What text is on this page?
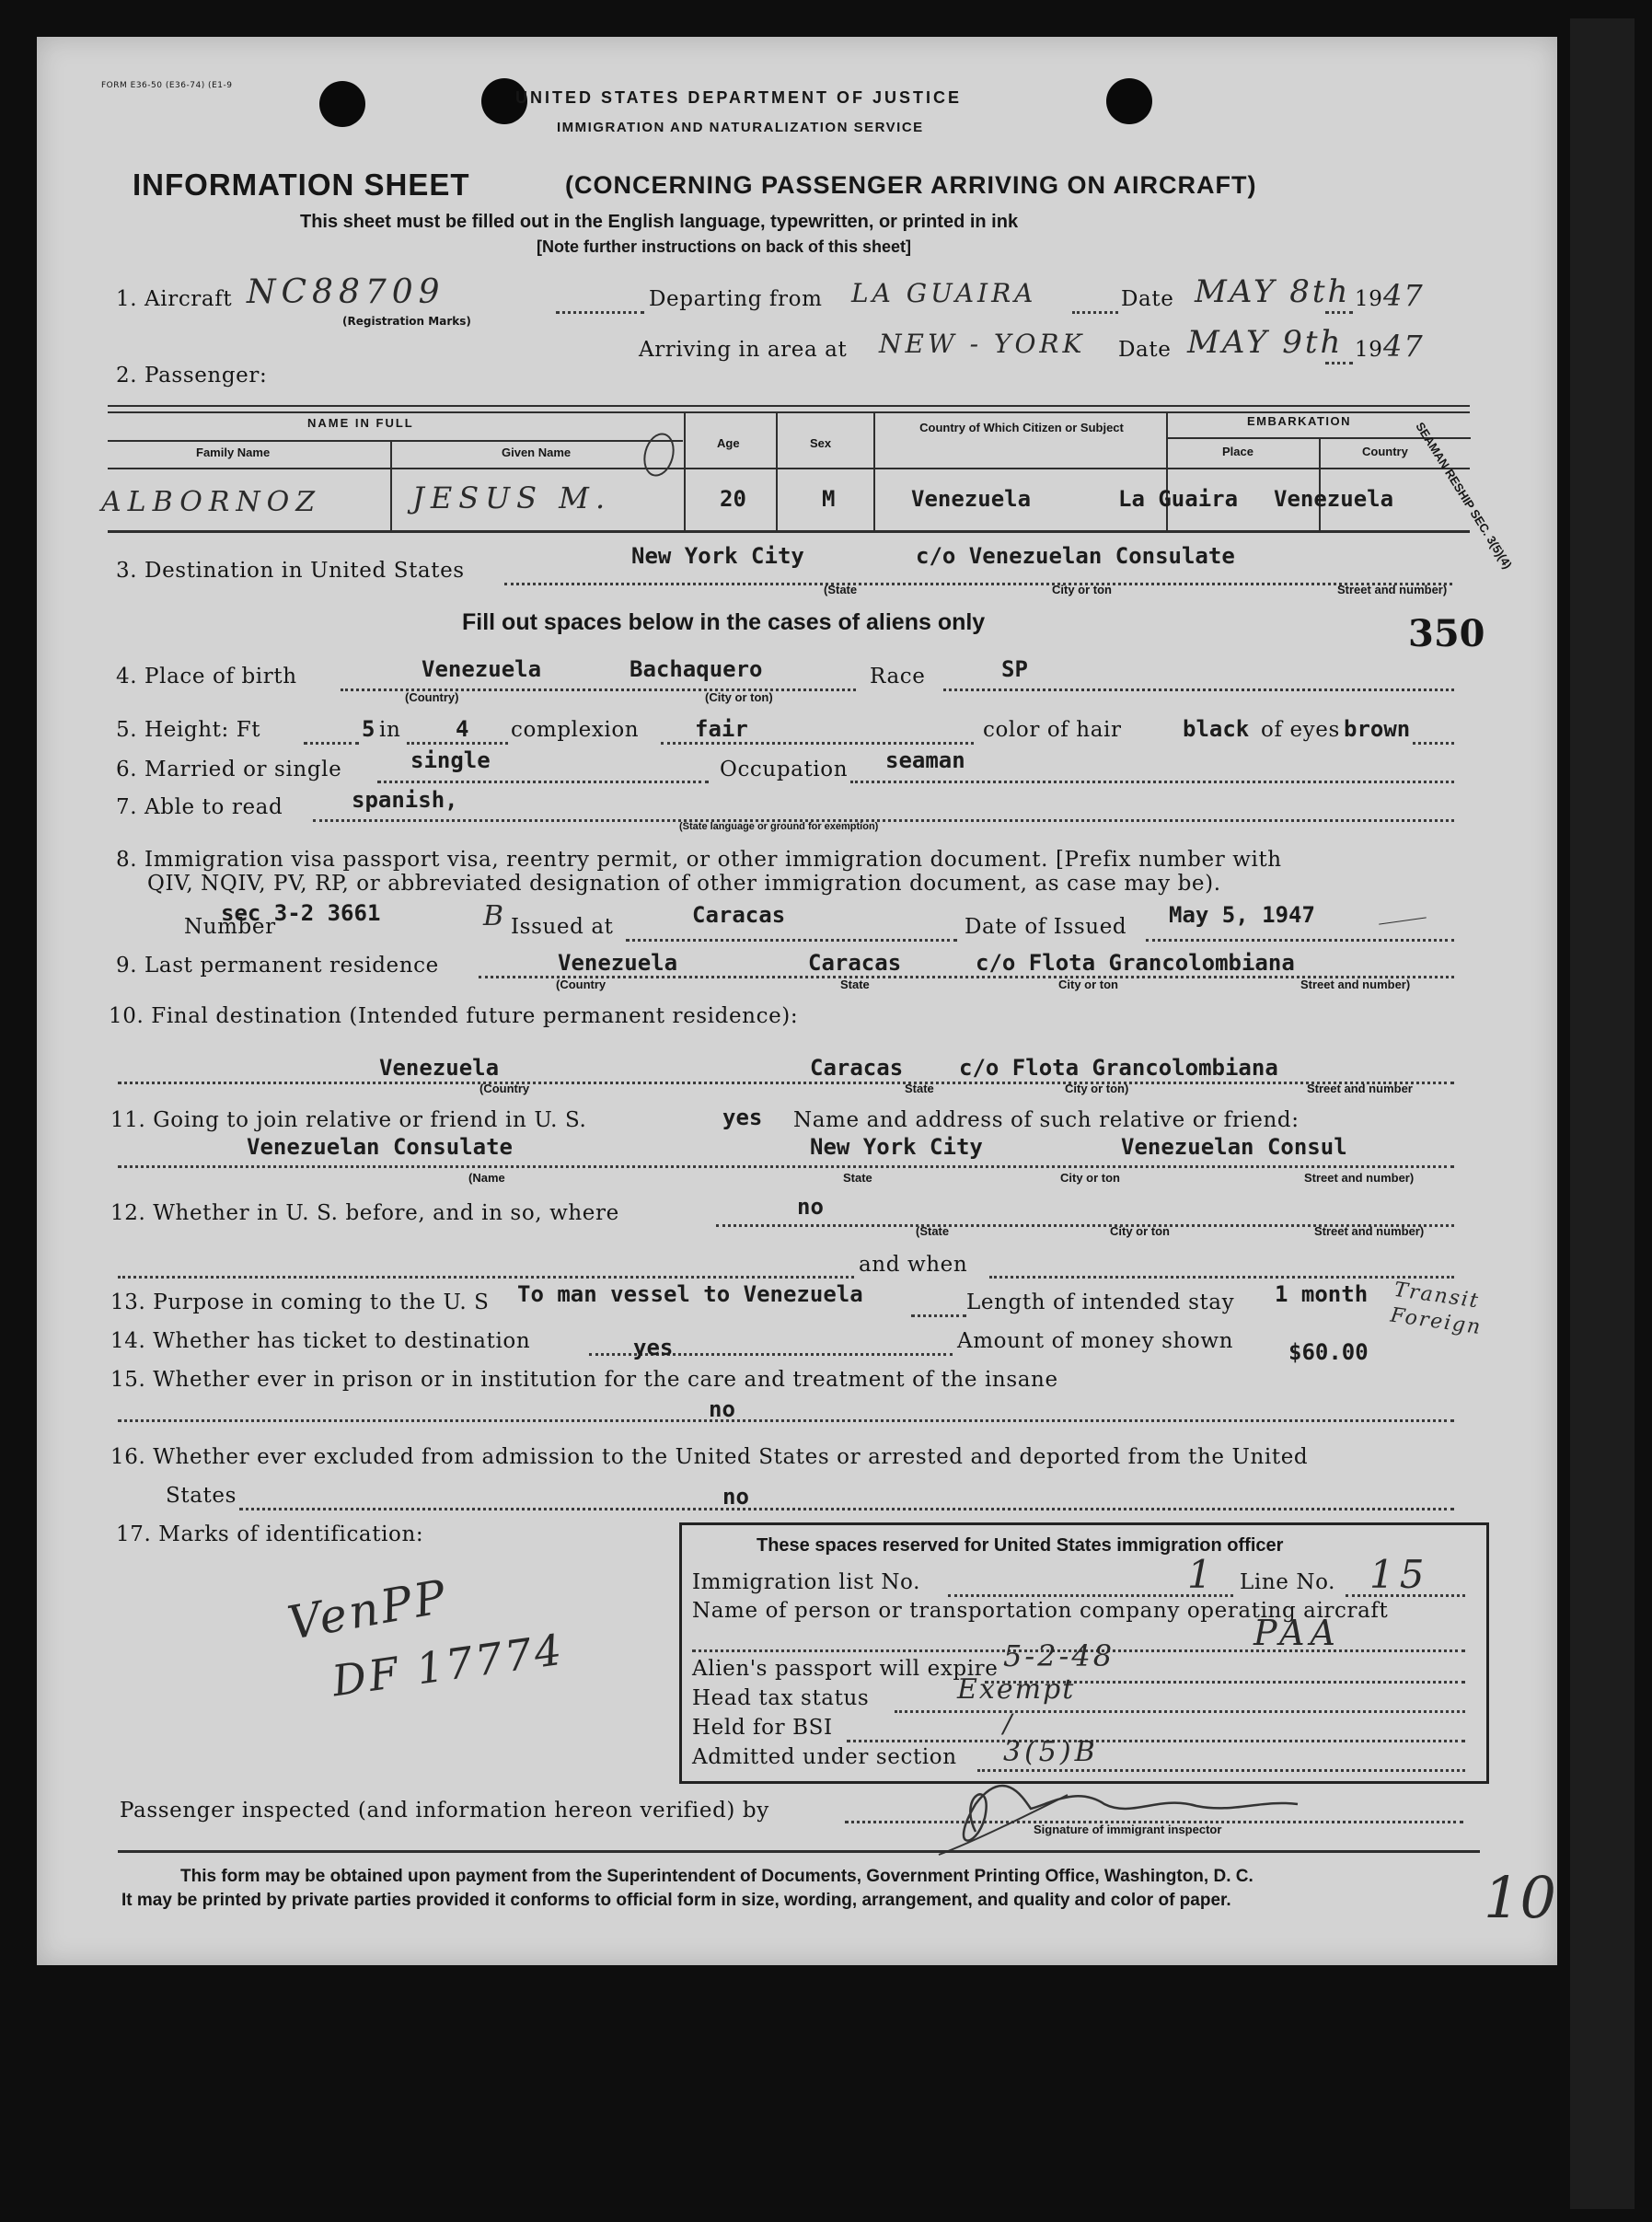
FORM E36-50 (E36-74) (E1-9
UNITED STATES DEPARTMENT OF JUSTICE
IMMIGRATION AND NATURALIZATION SERVICE
INFORMATION SHEET	(CONCERNING PASSENGER ARRIVING ON AIRCRAFT)
This sheet must be filled out in the English language, typewritten, or printed in ink
[Note further instructions on back of this sheet]
1. Aircraft NC88709
(Registration Marks)
Departing from LA GUAIRA	Date MAY 8th 19 47
Arriving in area at NEW - YORK Date MAY 9th 19 47
2. Passenger:
NAME IN FULL
Family Name	Given Name
Age	Sex
Country of Which Citizen or Subject	EMBARKATION
Place	Country
ALBORNOZ	JESUS M.	20	M	Venezuela	La Guaira Venezuela SEAMAN RESHIP SEC. 3(5)(4)
3. Destination in United States
New York City	c/o Venezuelan Consulate
(State	City or ton	Street and number)
Fill out spaces below in the cases of aliens only	350
4. Place of birth	Venezuela	Bachaquero
(Country)	(City or ton)
Race	SP
5. Height: Ft	5 in 4 complexion	fair	color of hair	black of eyes brown
6. Married or single	single	Occupation seaman
7. Able to read	spanish,
(State language or ground for exemption)
8. Immigration visa passport visa, reentry permit, or other immigration document. [Prefix number with
QIV, NQIV, PV, RP, or abbreviated designation of other immigration document, as case may be).
Number
sec 3-2 3661	B Issued at	Caracas	Date of Issued May 5, 1947
9. Last permanent residence	Venezuela	Caracas	c/o Flota Grancolombiana
(Country	State	City or ton	Street and number)
10. Final destination (Intended future permanent residence):
Venezuela	Caracas	c/o Flota Grancolombiana
(Country	State	City or ton)	Street and number
11. Going to join relative or friend in U. S.	yes Name and address of such relative or friend:
Venezuelan Consulate	New York City	Venezuelan Consul
(Name	State	City or ton	Street and number)
12. Whether in U. S. before, and in so, where	no
(State	City or ton	Street and number)
and when
13. Purpose in coming to the U. S To man vessel to Venezuela	Length of intended stay 1 month Transit Foreign
14. Whether has ticket to destination	yes	Amount of money shown $60.00
15. Whether ever in prison or in institution for the care and treatment of the insane
no
16. Whether ever excluded from admission to the United States or arrested and deported from the United
States	no
17. Marks of identification:
VenPP
DF 17774
These spaces reserved for United States immigration officer
Immigration list No.	1 Line No. 15
Name of person or transportation company operating aircraft
PAA
Alien's passport will expire 5-2-48
Head tax status	Exempt
Held for BSI	/
Admitted under section 3(5)B
Passenger inspected (and information hereon verified) by
Signature of immigrant inspector
This form may be obtained upon payment from the Superintendent of Documents, Government Printing Office, Washington, D. C.
It may be printed by private parties provided it conforms to official form in size, wording, arrangement, and quality and color of paper.	10
